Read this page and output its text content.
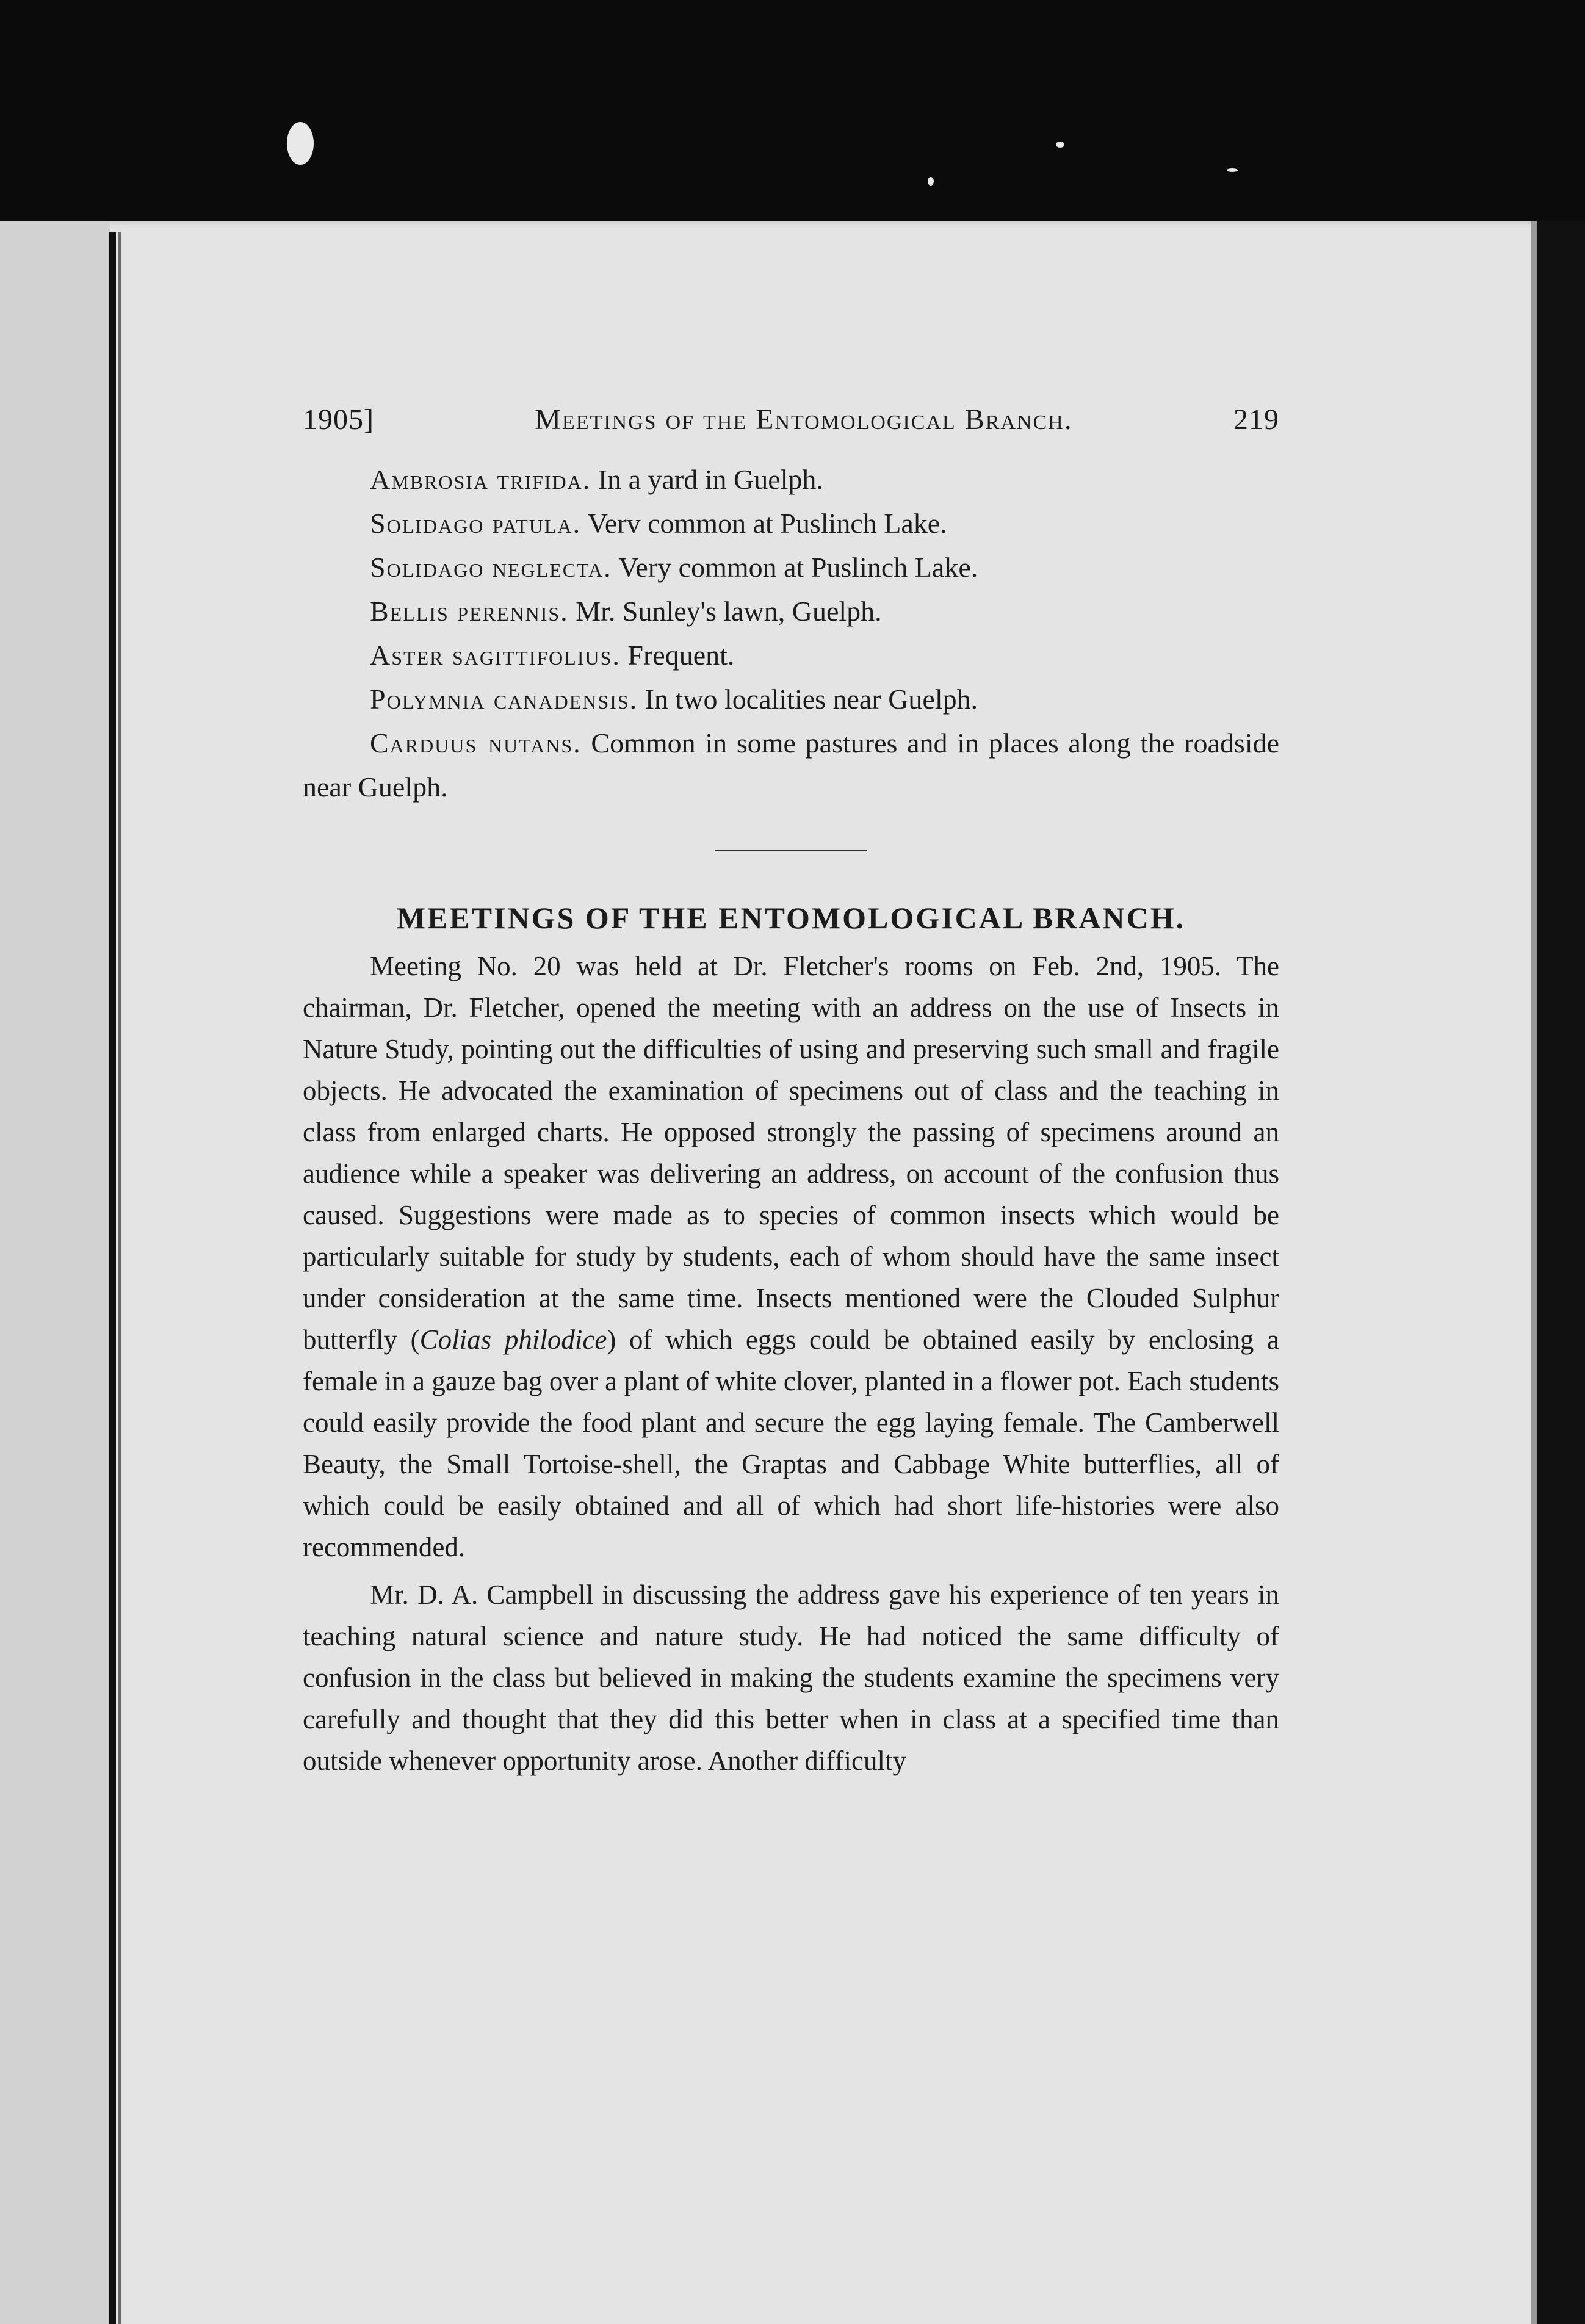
1905]	Meetings of the Entomological Branch.	219

Ambrosia trifida. In a yard in Guelph.

Solidago patula. Verv common at Puslinch Lake.

Solidago neglecta. Very common at Puslinch Lake.

Bellis perennis. Mr. Sunley's lawn, Guelph.

Aster sagittifolius. Frequent.

Polymnia canadensis. In two localities near Guelph.

Carduus nutans. Common in some pastures and in places along the roadside near Guelph.

MEETINGS OF THE ENTOMOLOGICAL BRANCH.

Meeting No. 20 was held at Dr. Fletcher's rooms on Feb. 2nd, 1905. The chairman, Dr. Fletcher, opened the meeting with an address on the use of Insects in Nature Study, pointing out the difficulties of using and preserving such small and fragile objects. He advocated the examination of specimens out of class and the teaching in class from enlarged charts. He opposed strongly the passing of specimens around an audience while a speaker was delivering an address, on account of the confusion thus caused. Suggestions were made as to species of common insects which would be particularly suitable for study by students, each of whom should have the same insect under consideration at the same time. Insects mentioned were the Clouded Sulphur butterfly (Colias philodice) of which eggs could be obtained easily by enclosing a female in a gauze bag over a plant of white clover, planted in a flower pot. Each students could easily provide the food plant and secure the egg laying female. The Camberwell Beauty, the Small Tortoise-shell, the Graptas and Cabbage White butterflies, all of which could be easily obtained and all of which had short life-histories were also recommended.

Mr. D. A. Campbell in discussing the address gave his experience of ten years in teaching natural science and nature study. He had noticed the same difficulty of confusion in the class but believed in making the students examine the specimens very carefully and thought that they did this better when in class at a specified time than outside whenever opportunity arose. Another difficulty
